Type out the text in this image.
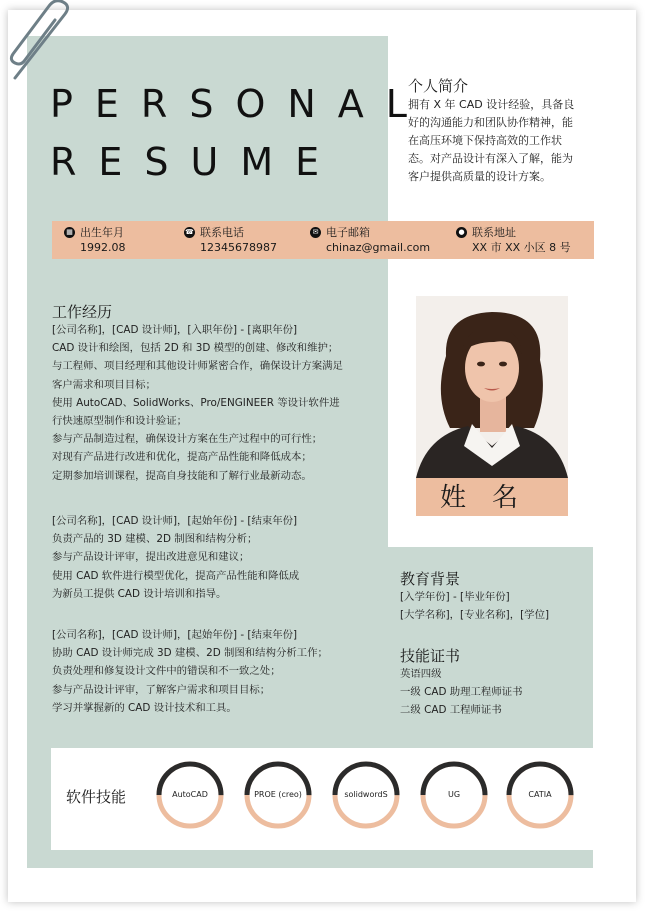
PERSONAL
RESUME
个人简介
拥有 X 年 CAD 设计经验，具备良
好的沟通能力和团队协作精神，能
在高压环境下保持高效的工作状
态。对产品设计有深入了解，能为
客户提供高质量的设计方案。
▦ 出生年月
1992.08
☎ 联系电话
12345678987
✉ 电子邮箱
chinaz@gmail.com
● 联系地址
XX 市 XX 小区 8 号
工作经历
[公司名称]，[CAD 设计师]，[入职年份] - [离职年份]
CAD 设计和绘图，包括 2D 和 3D 模型的创建、修改和维护；
与工程师、项目经理和其他设计师紧密合作，确保设计方案满足
客户需求和项目目标；
使用 AutoCAD、SolidWorks、Pro/ENGINEER 等设计软件进
行快速原型制作和设计验证；
参与产品制造过程，确保设计方案在生产过程中的可行性；
对现有产品进行改进和优化，提高产品性能和降低成本；
定期参加培训课程，提高自身技能和了解行业最新动态。
[公司名称]，[CAD 设计师]，[起始年份] - [结束年份]
负责产品的 3D 建模、2D 制图和结构分析；
参与产品设计评审，提出改进意见和建议；
使用 CAD 软件进行模型优化，提高产品性能和降低成
为新员工提供 CAD 设计培训和指导。
[公司名称]，[CAD 设计师]，[起始年份] - [结束年份]
协助 CAD 设计师完成 3D 建模、2D 制图和结构分析工作；
负责处理和修复设计文件中的错误和不一致之处；
参与产品设计评审，了解客户需求和项目目标；
学习并掌握新的 CAD 设计技术和工具。
姓名
教育背景
[入学年份] - [毕业年份]
[大学名称]，[专业名称]，[学位]
技能证书
英语四级
一级 CAD 助理工程师证书
二级 CAD 工程师证书
软件技能	AutoCAD	PROE (creo)	solidwordS	UG	CATIA
